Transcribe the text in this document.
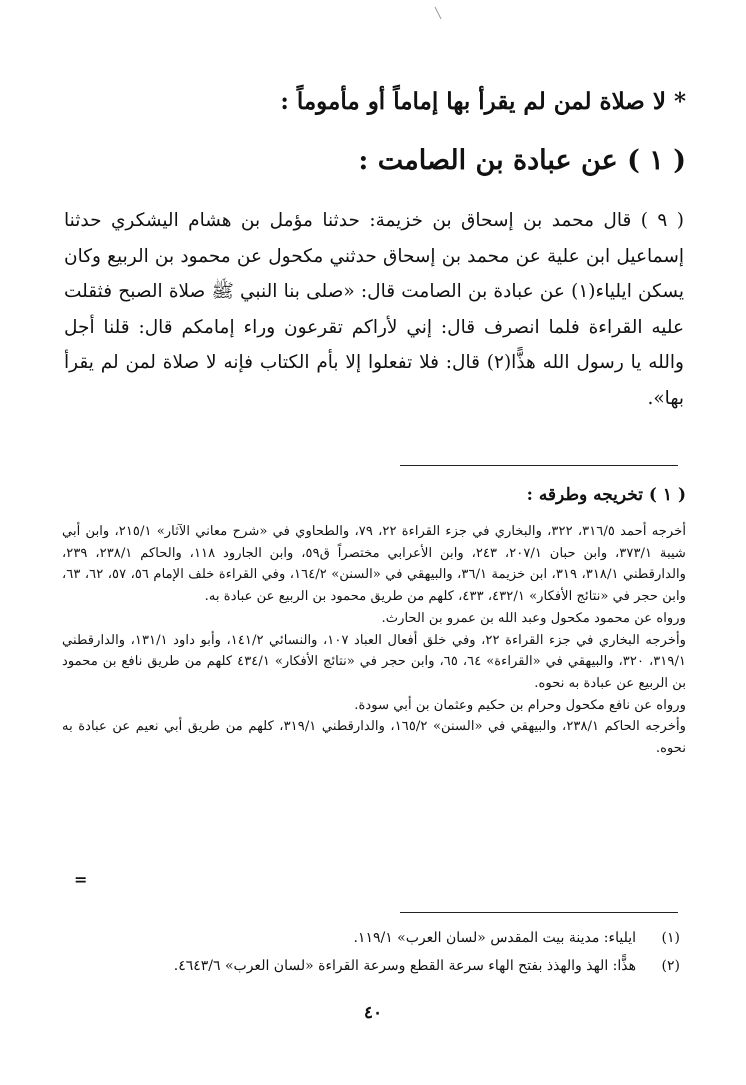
* لا صلاة لمن لم يقرأ بها إماماً أو مأموماً :
( ١ ) عن عبادة بن الصامت :

( ٩ ) قال محمد بن إسحاق بن خزيمة: حدثنا مؤمل بن هشام اليشكري حدثنا إسماعيل ابن علية عن محمد بن إسحاق حدثني مكحول عن محمود بن الربيع وكان يسكن ايلياء(١) عن عبادة بن الصامت قال: «صلى بنا النبي ﷺ صلاة الصبح فثقلت عليه القراءة فلما انصرف قال: إني لأراكم تقرعون وراء إمامكم قال: قلنا أجل والله يا رسول الله هذًّا(٢) قال: فلا تفعلوا إلا بأم الكتاب فإنه لا صلاة لمن لم يقرأ بها».

( ١ ) تخريجه وطرقه :

أخرجه أحمد ٣١٦/٥، ٣٢٢، والبخاري في جزء القراءة ٢٢، ٧٩، والطحاوي في «شرح معاني الآثار» ٢١٥/١، وابن أبي شيبة ٣٧٣/١، وابن حبان ٢٠٧/١، ٢٤٣، وابن الأعرابي مختصراً ق٥٩، وابن الجارود ١١٨، والحاكم ٢٣٨/١، ٢٣٩، والدارقطني ٣١٨/١، ٣١٩، ابن خزيمة ٣٦/١، والبيهقي في «السنن» ١٦٤/٢، وفي القراءة خلف الإمام ٥٦، ٥٧، ٦٢، ٦٣، وابن حجر في «نتائج الأفكار» ٤٣٢/١، ٤٣٣، كلهم من طريق محمود بن الربيع عن عبادة به.

ورواه عن محمود مكحول وعبد الله بن عمرو بن الحارث.

وأخرجه البخاري في جزء القراءة ٢٢، وفي خلق أفعال العباد ١٠٧، والنسائي ١٤١/٢، وأبو داود ١٣١/١، والدارقطني ٣١٩/١، ٣٢٠، والبيهقي في «القراءة» ٦٤، ٦٥، وابن حجر في «نتائج الأفكار» ٤٣٤/١ كلهم من طريق نافع بن محمود بن الربيع عن عبادة به نحوه.

ورواه عن نافع مكحول وحرام بن حكيم وعثمان بن أبي سودة.

وأخرجه الحاكم ٢٣٨/١، والبيهقي في «السنن» ١٦٥/٢، والدارقطني ٣١٩/١، كلهم من طريق أبي نعيم عن عبادة به نحوه.

=
(١)
ايلياء: مدينة بيت المقدس «لسان العرب» ١١٩/١.
(٢)
هذًّا: الهذ والهذذ بفتح الهاء سرعة القطع وسرعة القراءة «لسان العرب» ٤٦٤٣/٦.
٤٠
